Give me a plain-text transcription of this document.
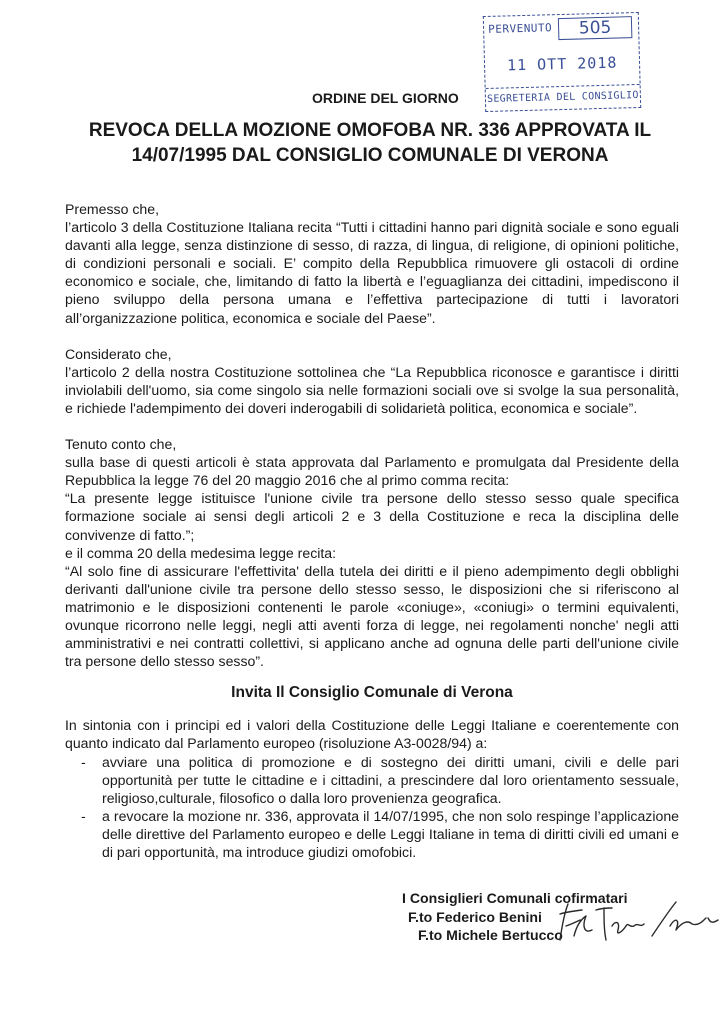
PERVENUTO	505
11 OTT 2018
SEGRETERIA DEL CONSIGLIO
ORDINE DEL GIORNO
REVOCA DELLA MOZIONE OMOFOBA NR. 336 APPROVATA IL
14/07/1995 DAL CONSIGLIO COMUNALE DI VERONA

Premesso che,

l’articolo 3 della Costituzione Italiana recita “Tutti i cittadini hanno pari dignità sociale e sono eguali davanti alla legge, senza distinzione di sesso, di razza, di lingua, di religione, di opinioni politiche, di condizioni personali e sociali. E’ compito della Repubblica rimuovere gli ostacoli di ordine economico e sociale, che, limitando di fatto la libertà e l’eguaglianza dei cittadini, impediscono il pieno sviluppo della persona umana e l’effettiva partecipazione di tutti i lavoratori all’organizzazione politica, economica e sociale del Paese”.

Considerato che,

l’articolo 2 della nostra Costituzione sottolinea che “La Repubblica riconosce e garantisce i diritti inviolabili dell'uomo, sia come singolo sia nelle formazioni sociali ove si svolge la sua personalità, e richiede l'adempimento dei doveri inderogabili di solidarietà politica, economica e sociale”.

Tenuto conto che,

sulla base di questi articoli è stata approvata dal Parlamento e promulgata dal Presidente della Repubblica la legge 76 del 20 maggio 2016 che al primo comma recita:

“La presente legge istituisce l'unione civile tra persone dello stesso sesso quale specifica formazione sociale ai sensi degli articoli 2 e 3 della Costituzione e reca la disciplina delle convivenze di fatto.”;

e il comma 20 della medesima legge recita:

“Al solo fine di assicurare l'effettivita' della tutela dei diritti e il pieno adempimento degli obblighi derivanti dall'unione civile tra persone dello stesso sesso, le disposizioni che si riferiscono al matrimonio e le disposizioni contenenti le parole «coniuge», «coniugi» o termini equivalenti, ovunque ricorrono nelle leggi, negli atti aventi forza di legge, nei regolamenti nonche' negli atti amministrativi e nei contratti collettivi, si applicano anche ad ognuna delle parti dell'unione civile tra persone dello stesso sesso”.

Invita Il Consiglio Comunale di Verona

In sintonia con i principi ed i valori della Costituzione delle Leggi Italiane e coerentemente con quanto indicato dal Parlamento europeo (risoluzione A3-0028/94) a:

- avviare una politica di promozione e di sostegno dei diritti umani, civili e delle pari opportunità per tutte le cittadine e i cittadini, a prescindere dal loro orientamento sessuale, religioso,culturale, filosofico o dalla loro provenienza geografica.
- a revocare la mozione nr. 336, approvata il 14/07/1995, che non solo respinge l’applicazione delle direttive del Parlamento europeo e delle Leggi Italiane in tema di diritti civili ed umani e di pari opportunità, ma introduce giudizi omofobici.
I Consiglieri Comunali cofirmatari
F.to Federico Benini
F.to Michele Bertucco
